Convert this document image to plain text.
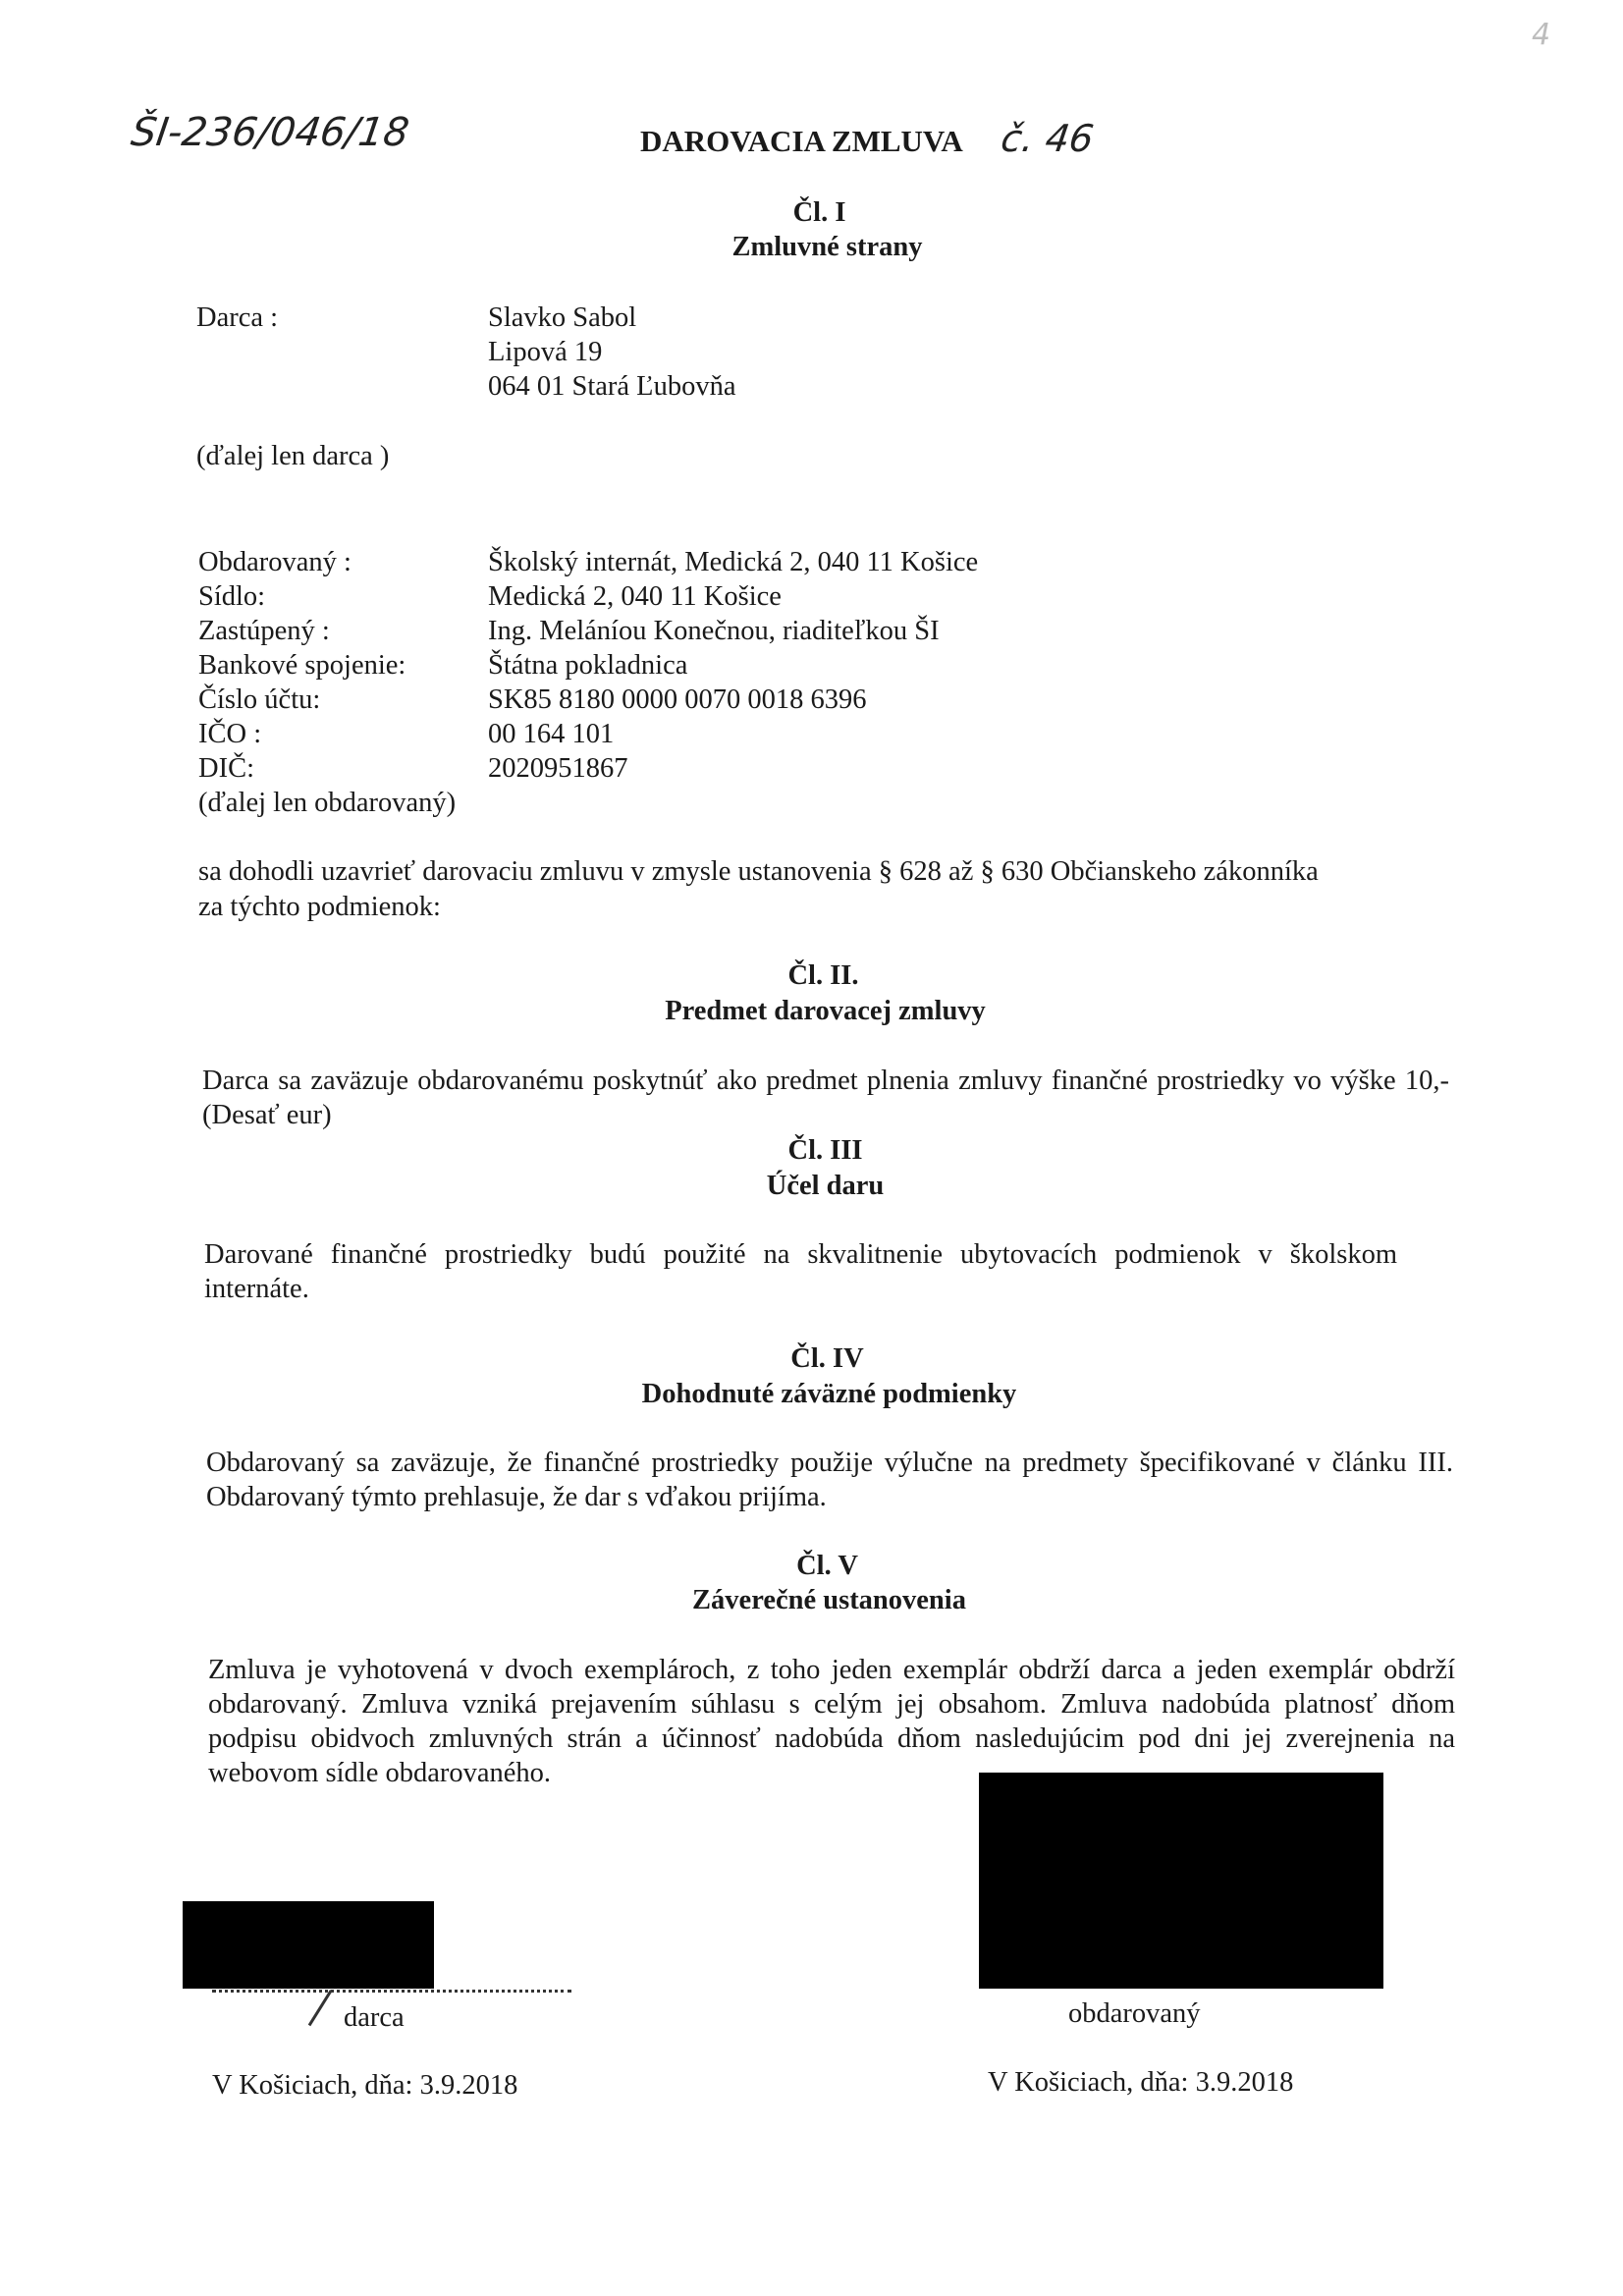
ŠI-236/046/18	DAROVACIA ZMLUVA č. 46
4
Čl. I
Zmluvné strany
Darca :	Slavko Sabol
Lipová 19
064 01 Stará Ľubovňa
(ďalej len darca )
Obdarovaný :	Školský internát, Medická 2, 040 11 Košice
Sídlo:	Medická 2, 040 11 Košice
Zastúpený :	Ing. Meláníou Konečnou, riaditeľkou ŠI
Bankové spojenie:	Štátna pokladnica
Číslo účtu:	SK85 8180 0000 0070 0018 6396
IČO :	00 164 101
DIČ:	2020951867
(ďalej len obdarovaný)
sa dohodli uzavrieť darovaciu zmluvu v zmysle ustanovenia § 628 až § 630 Občianskeho zákonníka
za týchto podmienok:
Čl. II.
Predmet darovacej zmluvy
Darca sa zaväzuje obdarovanému poskytnúť ako predmet plnenia zmluvy finančné prostriedky vo výške 10,- (Desať eur)
Čl. III
Účel daru
Darované finančné prostriedky budú použité na skvalitnenie ubytovacích podmienok v školskom internáte.
Čl. IV
Dohodnuté záväzné podmienky
Obdarovaný sa zaväzuje, že finančné prostriedky použije výlučne na predmety špecifikované v článku III. Obdarovaný týmto prehlasuje, že dar s vďakou prijíma.
Čl. V
Záverečné ustanovenia
Zmluva je vyhotovená v dvoch exemplároch, z toho jeden exemplár obdrží darca a jeden exemplár obdrží obdarovaný. Zmluva vzniká prejavením súhlasu s celým jej obsahom. Zmluva nadobúda platnosť dňom podpisu obidvoch zmluvných strán a účinnosť nadobúda dňom nasledujúcim pod dni jej zverejnenia na webovom sídle obdarovaného.
darca	obdarovaný
V Košiciach, dňa: 3.9.2018	V Košiciach, dňa: 3.9.2018
